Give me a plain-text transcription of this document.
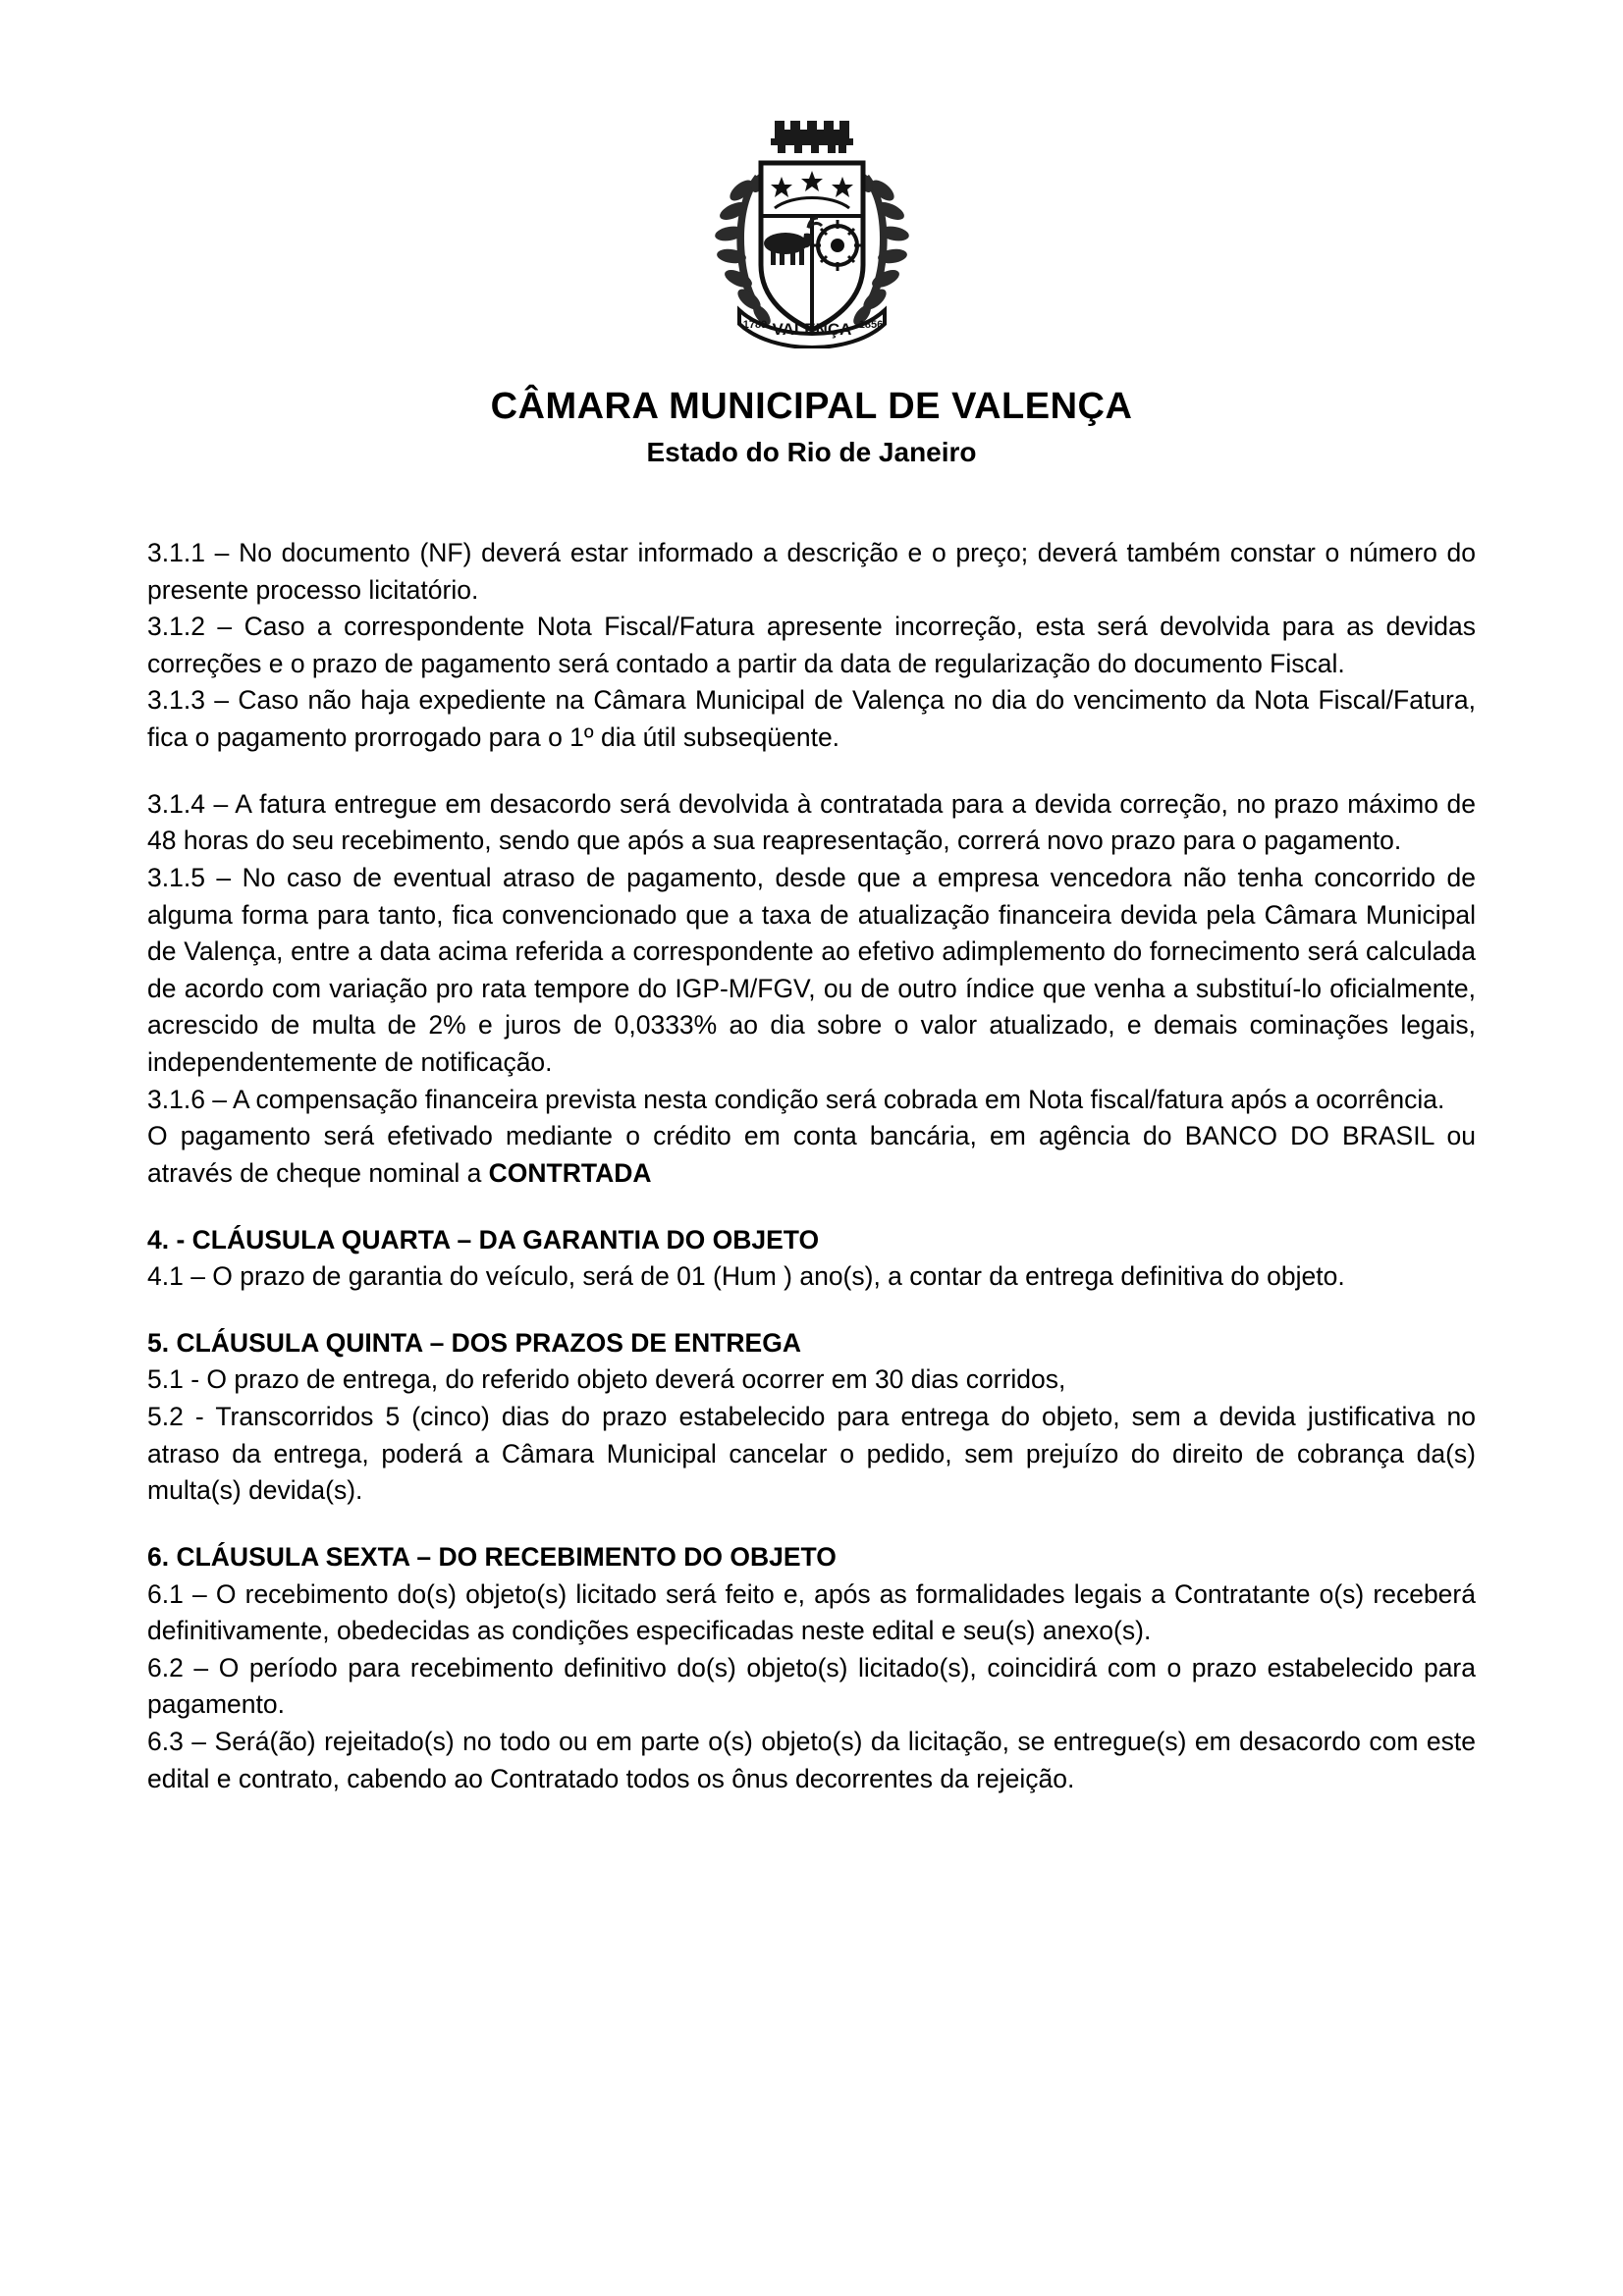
VALENÇA
1789	1856
CÂMARA MUNICIPAL DE VALENÇA
Estado do Rio de Janeiro

3.1.1 – No documento (NF) deverá estar informado a descrição e o preço; deverá também constar o número do presente processo licitatório.

3.1.2 – Caso a correspondente Nota Fiscal/Fatura apresente incorreção, esta será devolvida para as devidas correções e o prazo de pagamento será contado a partir da data de regularização do documento Fiscal.

3.1.3 – Caso não haja expediente na Câmara Municipal de Valença no dia do vencimento da Nota Fiscal/Fatura, fica o pagamento prorrogado para o 1º dia útil subseqüente.

3.1.4 – A fatura entregue em desacordo será devolvida à contratada para a devida correção, no prazo máximo de 48 horas do seu recebimento, sendo que após a sua reapresentação, correrá novo prazo para o pagamento.

3.1.5 – No caso de eventual atraso de pagamento, desde que a empresa vencedora não tenha concorrido de alguma forma para tanto, fica convencionado que a taxa de atualização financeira devida pela Câmara Municipal de Valença, entre a data acima referida a correspondente ao efetivo adimplemento do fornecimento será calculada de acordo com variação pro rata tempore do IGP-M/FGV, ou de outro índice que venha a substituí-lo oficialmente, acrescido de multa de 2% e juros de 0,0333% ao dia sobre o valor atualizado, e demais cominações legais, independentemente de notificação.

3.1.6 – A compensação financeira prevista nesta condição será cobrada em Nota fiscal/fatura após a ocorrência.

O pagamento será efetivado mediante o crédito em conta bancária, em agência do BANCO DO BRASIL ou através de cheque nominal a CONTRTADA

4. - CLÁUSULA QUARTA – DA GARANTIA DO OBJETO

4.1 – O prazo de garantia do veículo, será de 01 (Hum ) ano(s), a contar da entrega definitiva do objeto.

5. CLÁUSULA QUINTA – DOS PRAZOS DE ENTREGA

5.1 - O prazo de entrega, do referido objeto deverá ocorrer em 30 dias corridos,

5.2 - Transcorridos 5 (cinco) dias do prazo estabelecido para entrega do objeto, sem a devida justificativa no atraso da entrega, poderá a Câmara Municipal cancelar o pedido, sem prejuízo do direito de cobrança da(s) multa(s) devida(s).

6. CLÁUSULA SEXTA – DO RECEBIMENTO DO OBJETO

6.1 – O recebimento do(s) objeto(s) licitado será feito e, após as formalidades legais a Contratante o(s) receberá definitivamente, obedecidas as condições especificadas neste edital e seu(s) anexo(s).

6.2 – O período para recebimento definitivo do(s) objeto(s) licitado(s), coincidirá com o prazo estabelecido para pagamento.

6.3 – Será(ão) rejeitado(s) no todo ou em parte o(s) objeto(s) da licitação, se entregue(s) em desacordo com este edital e contrato, cabendo ao Contratado todos os ônus decorrentes da rejeição.
